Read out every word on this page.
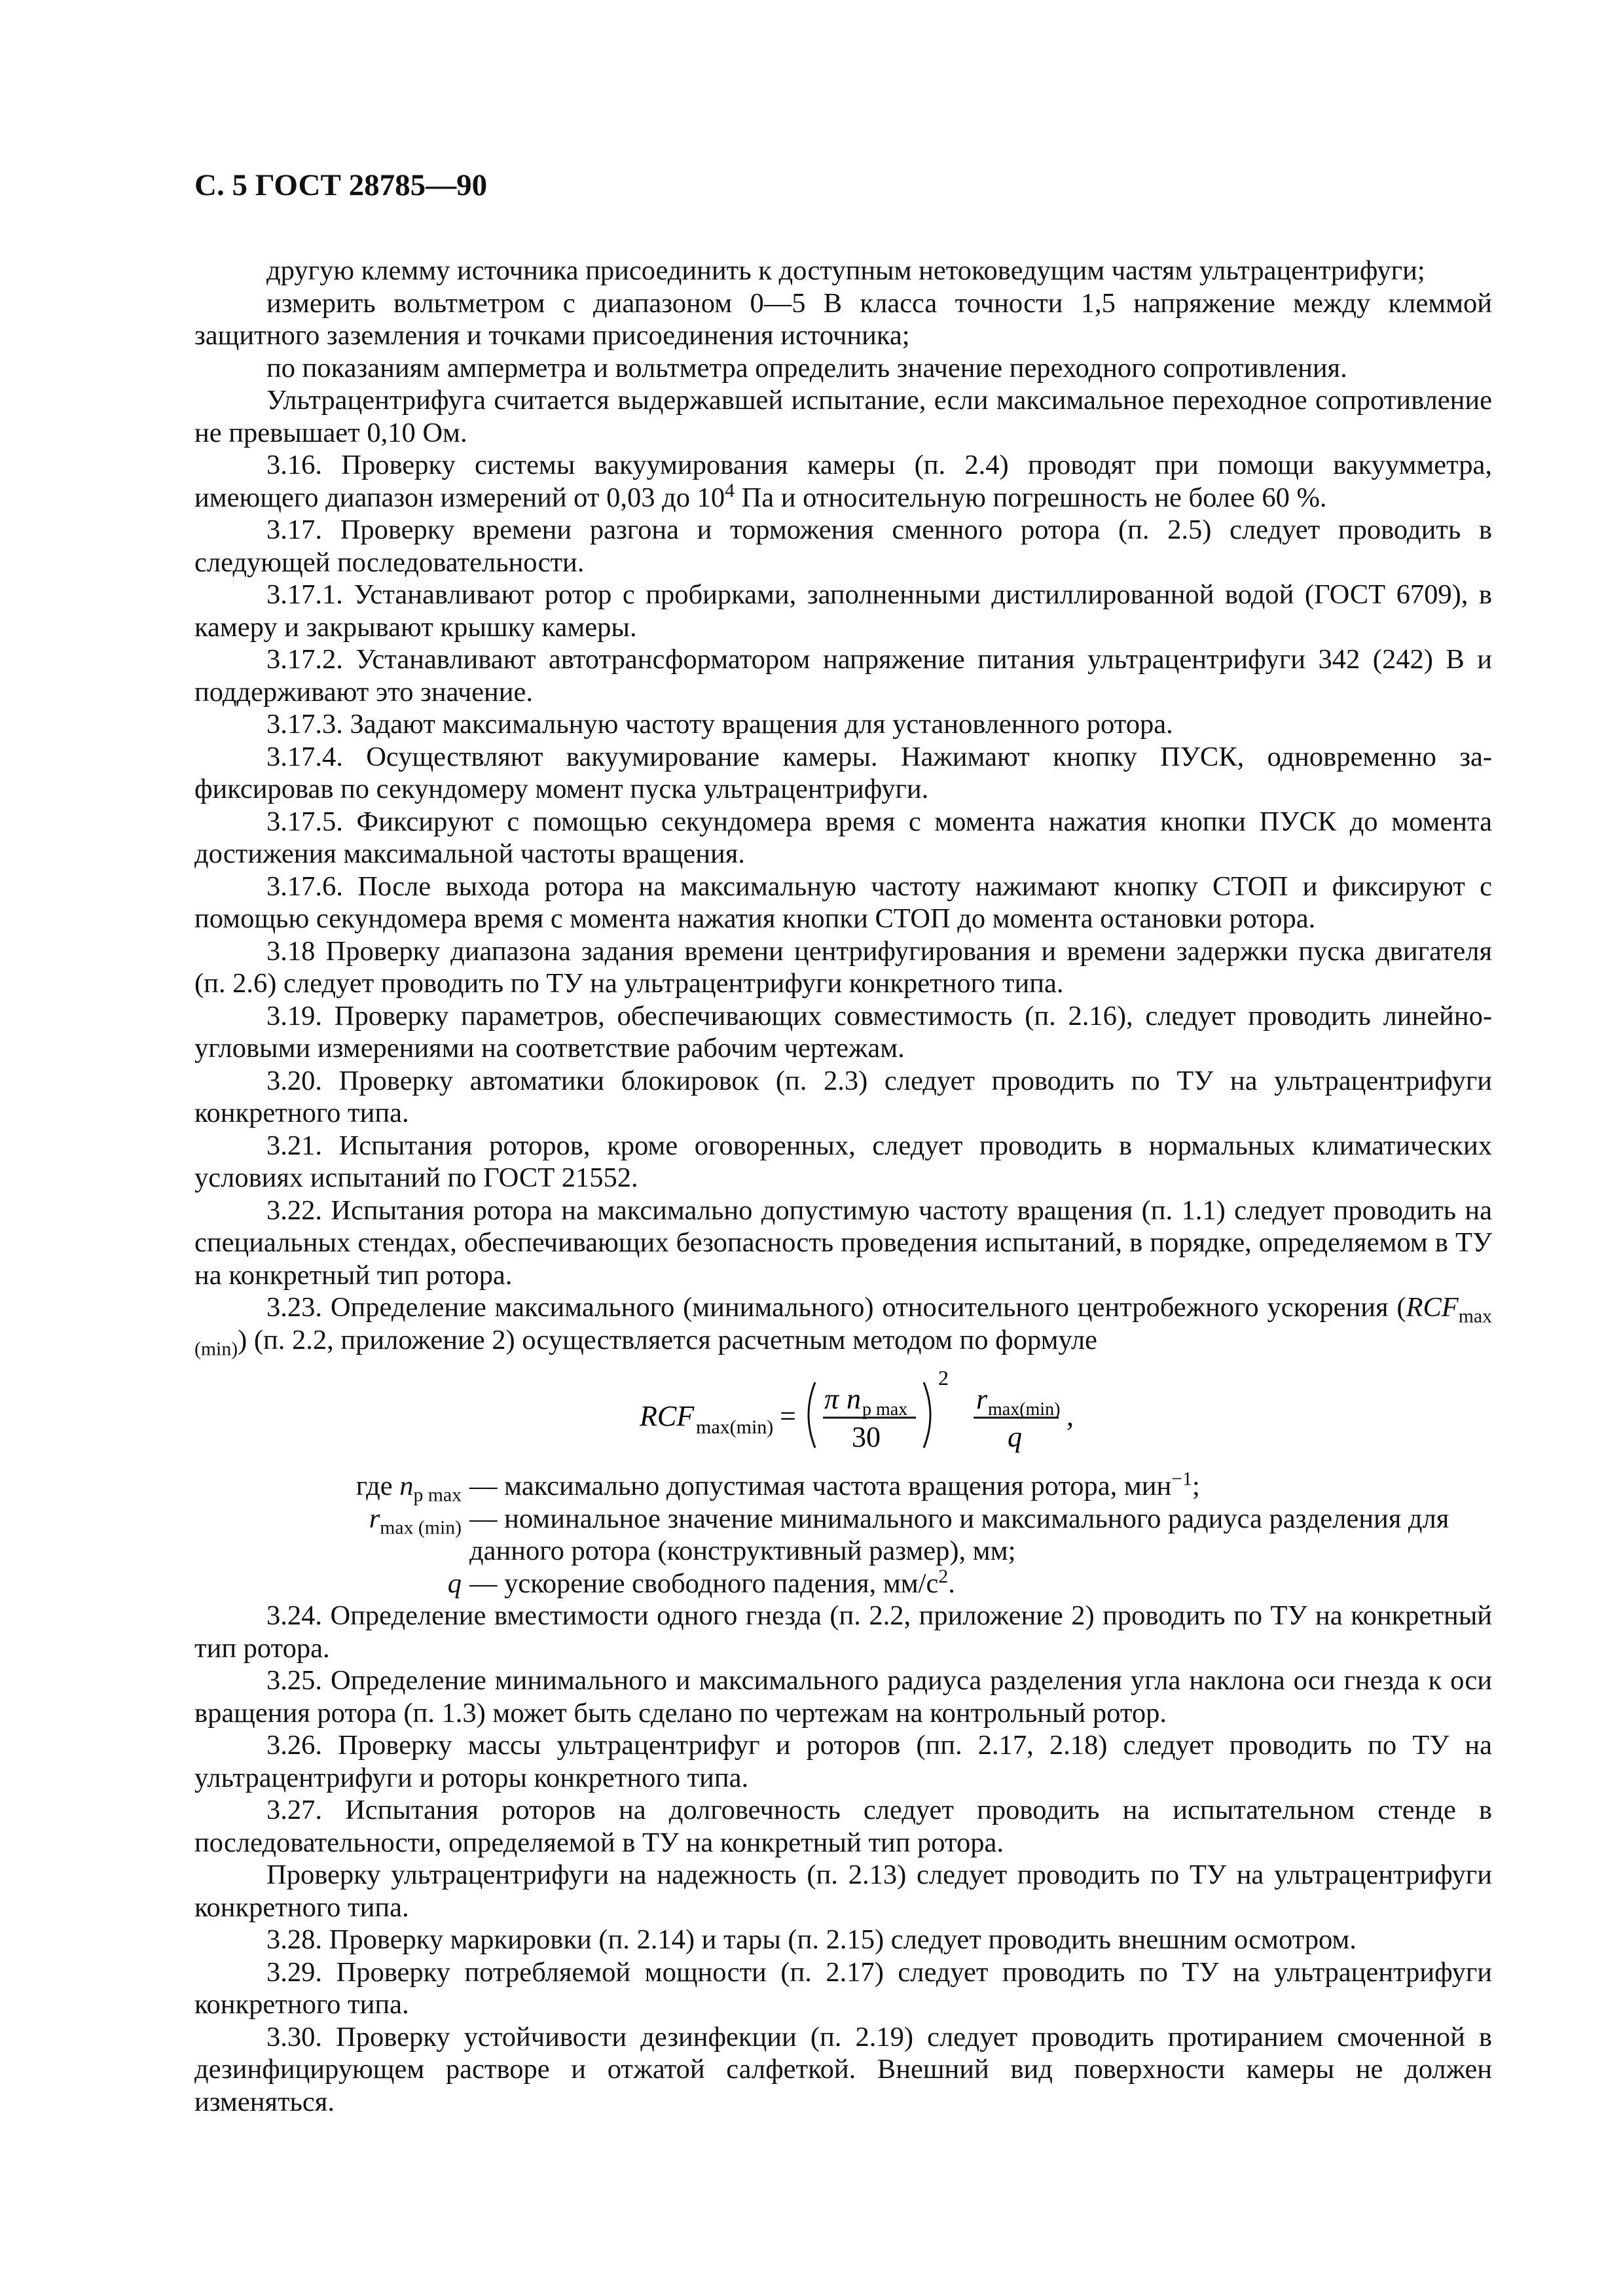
С. 5 ГОСТ 28785—90

другую клемму источника присоединить к доступным нетоковедущим частям ультрацентрифуги;

измерить вольтметром с диапазоном 0—5 В класса точности 1,5 напряжение между клеммой защитного заземления и точками присоединения источника;

по показаниям амперметра и вольтметра определить значение переходного сопротивления.

Ультрацентрифуга считается выдержавшей испытание, если максимальное переходное сопротивление не превышает 0,10 Ом.

3.16. Проверку системы вакуумирования камеры (п. 2.4) проводят при помощи вакуумметра, имеющего диапазон измерений от 0,03 до $10^4$ Па и относительную погрешность не более 60 %.

3.17. Проверку времени разгона и торможения сменного ротора (п. 2.5) следует проводить в следующей последовательности.

3.17.1. Устанавливают ротор с пробирками, заполненными дистиллированной водой (ГОСТ 6709), в камеру и закрывают крышку камеры.

3.17.2. Устанавливают автотрансформатором напряжение питания ультрацентрифуги 342 (242) В и поддерживают это значение.

3.17.3. Задают максимальную частоту вращения для установленного ротора.

3.17.4. Осуществляют вакуумирование камеры. Нажимают кнопку ПУСК, одновременно зафиксировав по секундомеру момент пуска ультрацентрифуги.

3.17.5. Фиксируют с помощью секундомера время с момента нажатия кнопки ПУСК до момента достижения максимальной частоты вращения.

3.17.6. После выхода ротора на максимальную частоту нажимают кнопку СТОП и фиксируют с помощью секундомера время с момента нажатия кнопки СТОП до момента остановки ротора.

3.18 Проверку диапазона задания времени центрифугирования и времени задержки пуска двигателя (п. 2.6) следует проводить по ТУ на ультрацентрифуги конкретного типа.

3.19. Проверку параметров, обеспечивающих совместимость (п. 2.16), следует проводить линейно-угловыми измерениями на соответствие рабочим чертежам.

3.20. Проверку автоматики блокировок (п. 2.3) следует проводить по ТУ на ультрацентрифуги конкретного типа.

3.21. Испытания роторов, кроме оговоренных, следует проводить в нормальных климатических условиях испытаний по ГОСТ 21552.

3.22. Испытания ротора на максимально допустимую частоту вращения (п. 1.1) следует проводить на специальных стендах, обеспечивающих безопасность проведения испытаний, в порядке, определяемом в ТУ на конкретный тип ротора.

3.23. Определение максимального (минимального) относительного центробежного ускорения $(RCF_{max (min)})$ (п. 2.2, приложение 2) осуществляется расчетным методом по формуле

RCF max(min) =
π n p max
30
2
r max(min)
q
,
где $n_{p max}$ — максимально допустимая частота вращения ротора, мин$^{-1}$;
$r_{max (min)}$ — номинальное значение минимального и максимального радиуса разделения для данного ротора (конструктивный размер), мм;
q — ускорение свободного падения, $мм/с^2$.

3.24. Определение вместимости одного гнезда (п. 2.2, приложение 2) проводить по ТУ на конкретный тип ротора.

3.25. Определение минимального и максимального радиуса разделения угла наклона оси гнезда к оси вращения ротора (п. 1.3) может быть сделано по чертежам на контрольный ротор.

3.26. Проверку массы ультрацентрифуг и роторов (пп. 2.17, 2.18) следует проводить по ТУ на ультрацентрифуги и роторы конкретного типа.

3.27. Испытания роторов на долговечность следует проводить на испытательном стенде в последовательности, определяемой в ТУ на конкретный тип ротора.

Проверку ультрацентрифуги на надежность (п. 2.13) следует проводить по ТУ на ультрацентрифуги конкретного типа.

3.28. Проверку маркировки (п. 2.14) и тары (п. 2.15) следует проводить внешним осмотром.

3.29. Проверку потребляемой мощности (п. 2.17) следует проводить по ТУ на ультрацентрифуги конкретного типа.

3.30. Проверку устойчивости дезинфекции (п. 2.19) следует проводить протиранием смоченной в дезинфицирующем растворе и отжатой салфеткой. Внешний вид поверхности камеры не должен изменяться.
